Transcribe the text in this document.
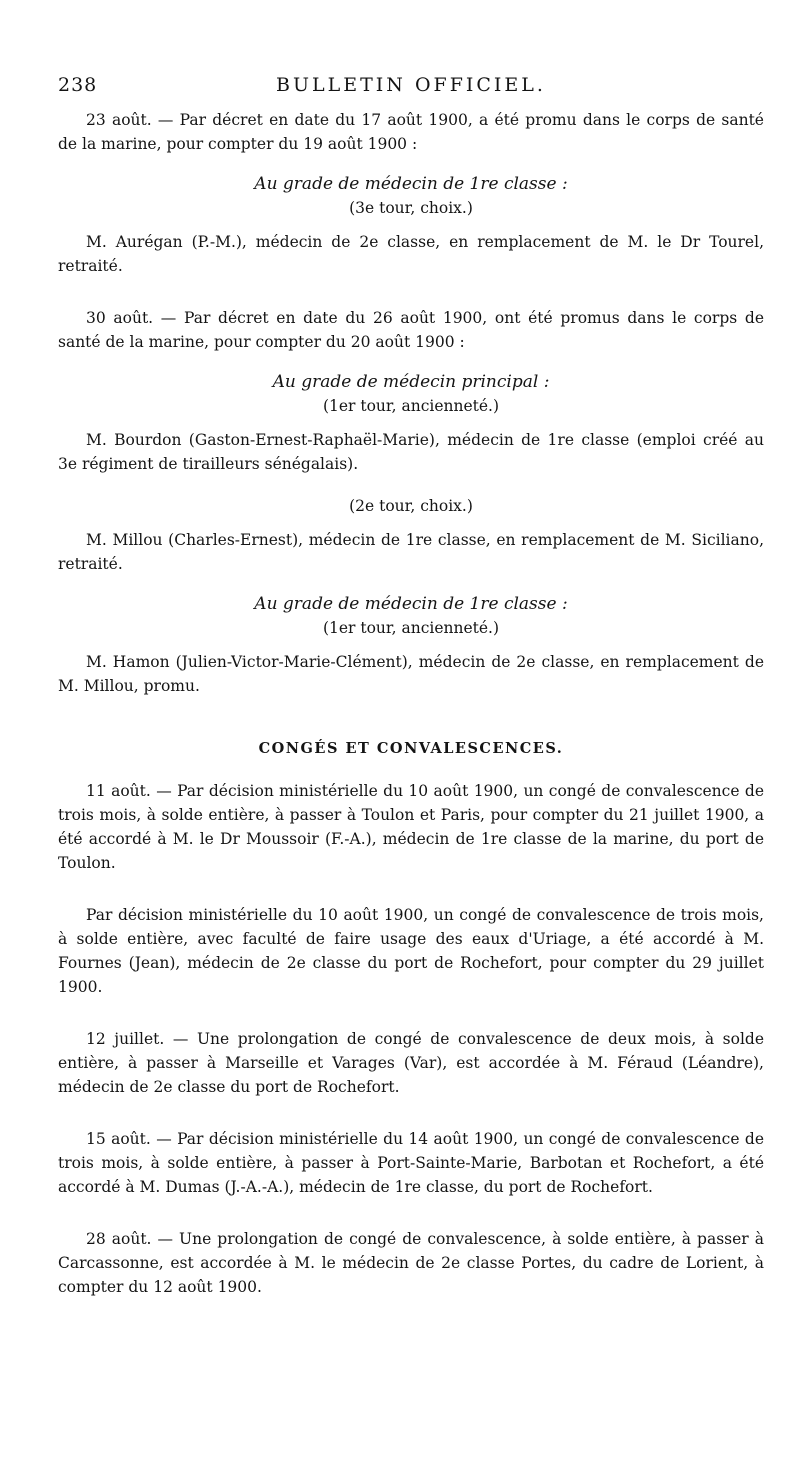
238	BULLETIN OFFICIEL.

23 août. — Par décret en date du 17 août 1900, a été promu dans le corps de santé de la marine, pour compter du 19 août 1900 :

Au grade de médecin de 1re classe :

(3e tour, choix.)

M. Aurégan (P.-M.), médecin de 2e classe, en remplacement de M. le Dr Tourel, retraité.

30 août. — Par décret en date du 26 août 1900, ont été promus dans le corps de santé de la marine, pour compter du 20 août 1900 :

Au grade de médecin principal :

(1er tour, ancienneté.)

M. Bourdon (Gaston-Ernest-Raphaël-Marie), médecin de 1re classe (emploi créé au 3e régiment de tirailleurs sénégalais).

(2e tour, choix.)

M. Millou (Charles-Ernest), médecin de 1re classe, en remplacement de M. Siciliano, retraité.

Au grade de médecin de 1re classe :

(1er tour, ancienneté.)

M. Hamon (Julien-Victor-Marie-Clément), médecin de 2e classe, en remplacement de M. Millou, promu.

CONGÉS ET CONVALESCENCES.

11 août. — Par décision ministérielle du 10 août 1900, un congé de convalescence de trois mois, à solde entière, à passer à Toulon et Paris, pour compter du 21 juillet 1900, a été accordé à M. le Dr Moussoir (F.-A.), médecin de 1re classe de la marine, du port de Toulon.

Par décision ministérielle du 10 août 1900, un congé de convalescence de trois mois, à solde entière, avec faculté de faire usage des eaux d'Uriage, a été accordé à M. Fournes (Jean), médecin de 2e classe du port de Rochefort, pour compter du 29 juillet 1900.

12 juillet. — Une prolongation de congé de convalescence de deux mois, à solde entière, à passer à Marseille et Varages (Var), est accordée à M. Féraud (Léandre), médecin de 2e classe du port de Rochefort.

15 août. — Par décision ministérielle du 14 août 1900, un congé de convalescence de trois mois, à solde entière, à passer à Port-Sainte-Marie, Barbotan et Rochefort, a été accordé à M. Dumas (J.-A.-A.), médecin de 1re classe, du port de Rochefort.

28 août. — Une prolongation de congé de convalescence, à solde entière, à passer à Carcassonne, est accordée à M. le médecin de 2e classe Portes, du cadre de Lorient, à compter du 12 août 1900.
